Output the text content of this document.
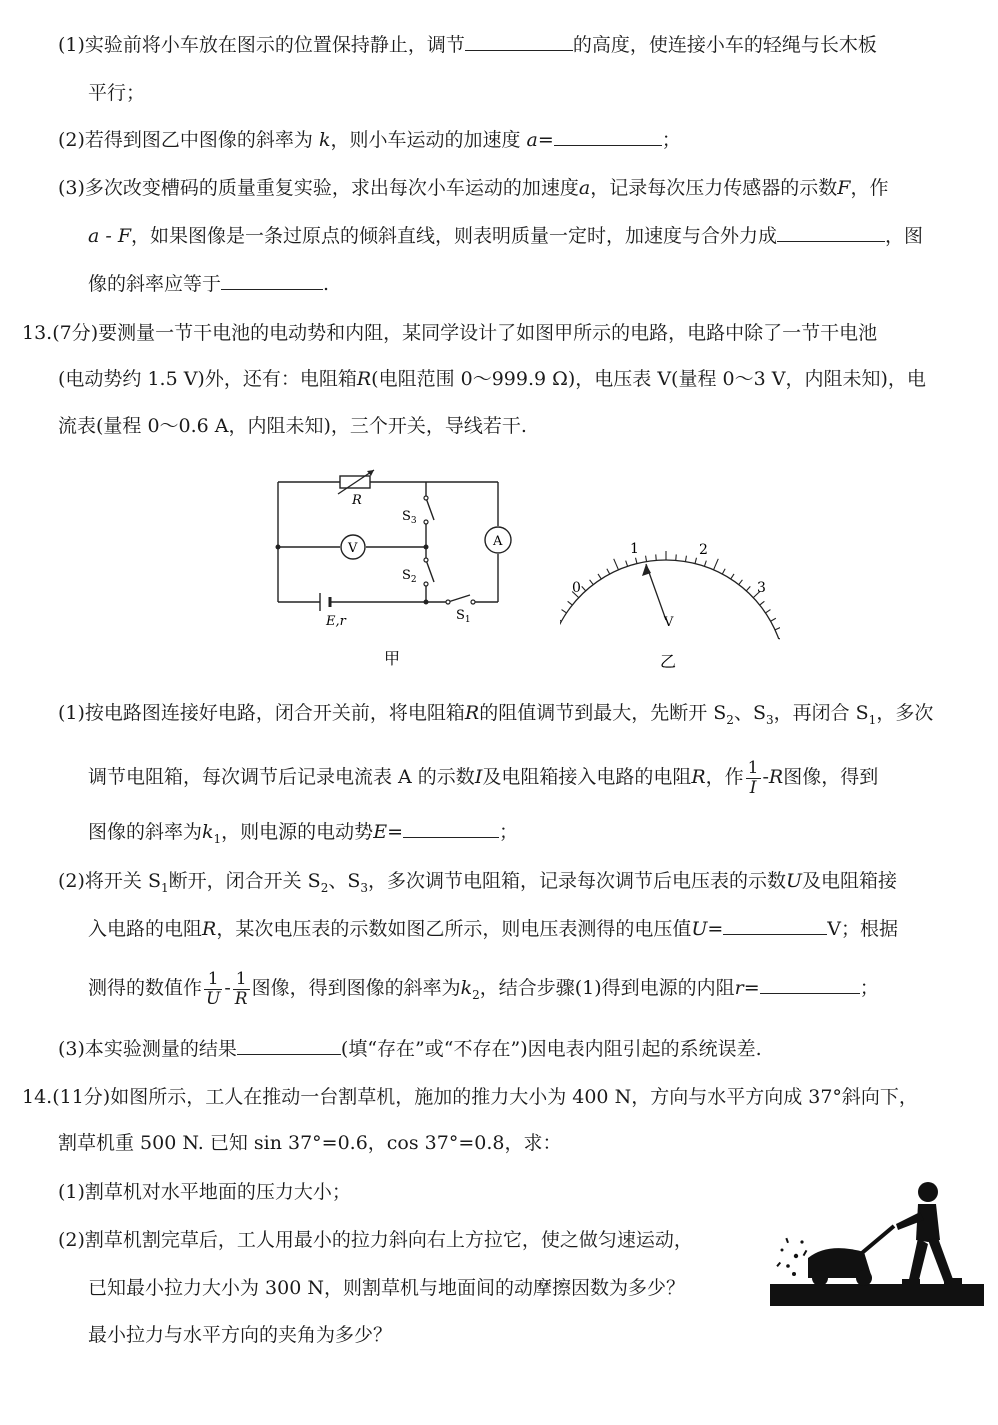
(1)实验前将小车放在图示的位置保持静止，调节	的高度，使连接小车的轻绳与长木板
平行；
(2)若得到图乙中图像的斜率为 k，则小车运动的加速度 a=	；
(3)多次改变槽码的质量重复实验，求出每次小车运动的加速度a，记录每次压力传感器的示数F，作
a - F，如果图像是一条过原点的倾斜直线，则表明质量一定时，加速度与合外力成	，图
像的斜率应等于	.
13.(7分)要测量一节干电池的电动势和内阻，某同学设计了如图甲所示的电路，电路中除了一节干电池
(电动势约 1.5 V)外，还有：电阻箱R(电阻范围 0～999.9 Ω)，电压表 V(量程 0～3 V，内阻未知)，电
流表(量程 0～0.6 A，内阻未知)，三个开关，导线若干.
R
$S_3$
$S_2$
$S_1$
V	A
E,r
甲
0
1	2
3
V
乙
(1)按电路图连接好电路，闭合开关前，将电阻箱R的阻值调节到最大，先断开 $S_2$、$S_3$，再闭合 $S_1$，多次
调节电阻箱，每次调节后记录电流表 A 的示数I及电阻箱接入电路的电阻R，作 $\frac{1}{I} -R$图像，得到
图像的斜率为$k_1$，则电源的电动势E=	；
(2)将开关 $S_1$断开，闭合开关 $S_2$、$S_3$，多次调节电阻箱，记录每次调节后电压表的示数U及电阻箱接
入电路的电阻R，某次电压表的示数如图乙所示，则电压表测得的电压值U=	V；根据
测得的数值作 $\frac{1}{U} - \frac{1}{R}$ 图像，得到图像的斜率为$k_2$，结合步骤(1)得到电源的内阻r=	；
(3)本实验测量的结果	(填“存在”或“不存在”)因电表内阻引起的系统误差.
14.(11分)如图所示，工人在推动一台割草机，施加的推力大小为 400 N，方向与水平方向成 37°斜向下，
割草机重 500 N. 已知 sin 37°=0.6，cos 37°=0.8，求：
(1)割草机对水平地面的压力大小；
(2)割草机割完草后，工人用最小的拉力斜向右上方拉它，使之做匀速运动，
已知最小拉力大小为 300 N，则割草机与地面间的动摩擦因数为多少？
最小拉力与水平方向的夹角为多少？
